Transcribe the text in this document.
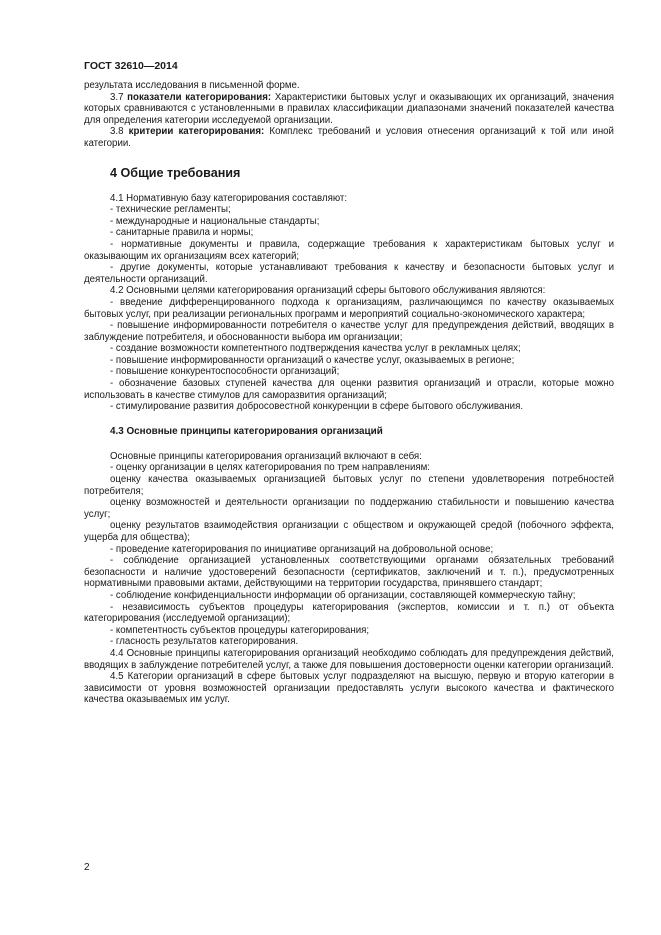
ГОСТ 32610—2014

результата исследования в письменной форме.

3.7 показатели категорирования: Характеристики бытовых услуг и оказывающих их организаций, значения которых сравниваются с установленными в правилах классификации диапазонами значений показателей качества для определения категории исследуемой организации.

3.8 критерии категорирования: Комплекс требований и условия отнесения организаций к той или иной категории.

4 Общие требования

4.1 Нормативную базу категорирования составляют:

- технические регламенты;

- международные и национальные стандарты;

- санитарные правила и нормы;

- нормативные документы и правила, содержащие требования к характеристикам бытовых услуг и оказывающим их организациям всех категорий;

- другие документы, которые устанавливают требования к качеству и безопасности бытовых услуг и деятельности организаций.

4.2 Основными целями категорирования организаций сферы бытового обслуживания являются:

- введение дифференцированного подхода к организациям, различающимся по качеству оказываемых бытовых услуг, при реализации региональных программ и мероприятий социально-экономического характера;

- повышение информированности потребителя о качестве услуг для предупреждения действий, вводящих в заблуждение потребителя, и обоснованности выбора им организации;

- создание возможности компетентного подтверждения качества услуг в рекламных целях;

- повышение информированности организаций о качестве услуг, оказываемых в регионе;

- повышение конкурентоспособности организаций;

- обозначение базовых ступеней качества для оценки развития организаций и отрасли, которые можно использовать в качестве стимулов для саморазвития организаций;

- стимулирование развития добросовестной конкуренции в сфере бытового обслуживания.

4.3 Основные принципы категорирования организаций

Основные принципы категорирования организаций включают в себя:

- оценку организации в целях категорирования по трем направлениям:

оценку качества оказываемых организацией бытовых услуг по степени удовлетворения потребностей потребителя;

оценку возможностей и деятельности организации по поддержанию стабильности и повышению качества услуг;

оценку результатов взаимодействия организации с обществом и окружающей средой (побочного эффекта, ущерба для общества);

- проведение категорирования по инициативе организаций на добровольной основе;

- соблюдение организацией установленных соответствующими органами обязательных требований безопасности и наличие удостоверений безопасности (сертификатов, заключений и т. п.), предусмотренных нормативными правовыми актами, действующими на территории государства, принявшего стандарт;

- соблюдение конфиденциальности информации об организации, составляющей коммерческую тайну;

- независимость субъектов процедуры категорирования (экспертов, комиссии и т. п.) от объекта категорирования (исследуемой организации);

- компетентность субъектов процедуры категорирования;

- гласность результатов категорирования.

4.4 Основные принципы категорирования организаций необходимо соблюдать для предупреждения действий, вводящих в заблуждение потребителей услуг, а также для повышения достоверности оценки категории организаций.

4.5 Категории организаций в сфере бытовых услуг подразделяют на высшую, первую и вторую категории в зависимости от уровня возможностей организации предоставлять услуги высокого качества и фактического качества оказываемых им услуг.

2
